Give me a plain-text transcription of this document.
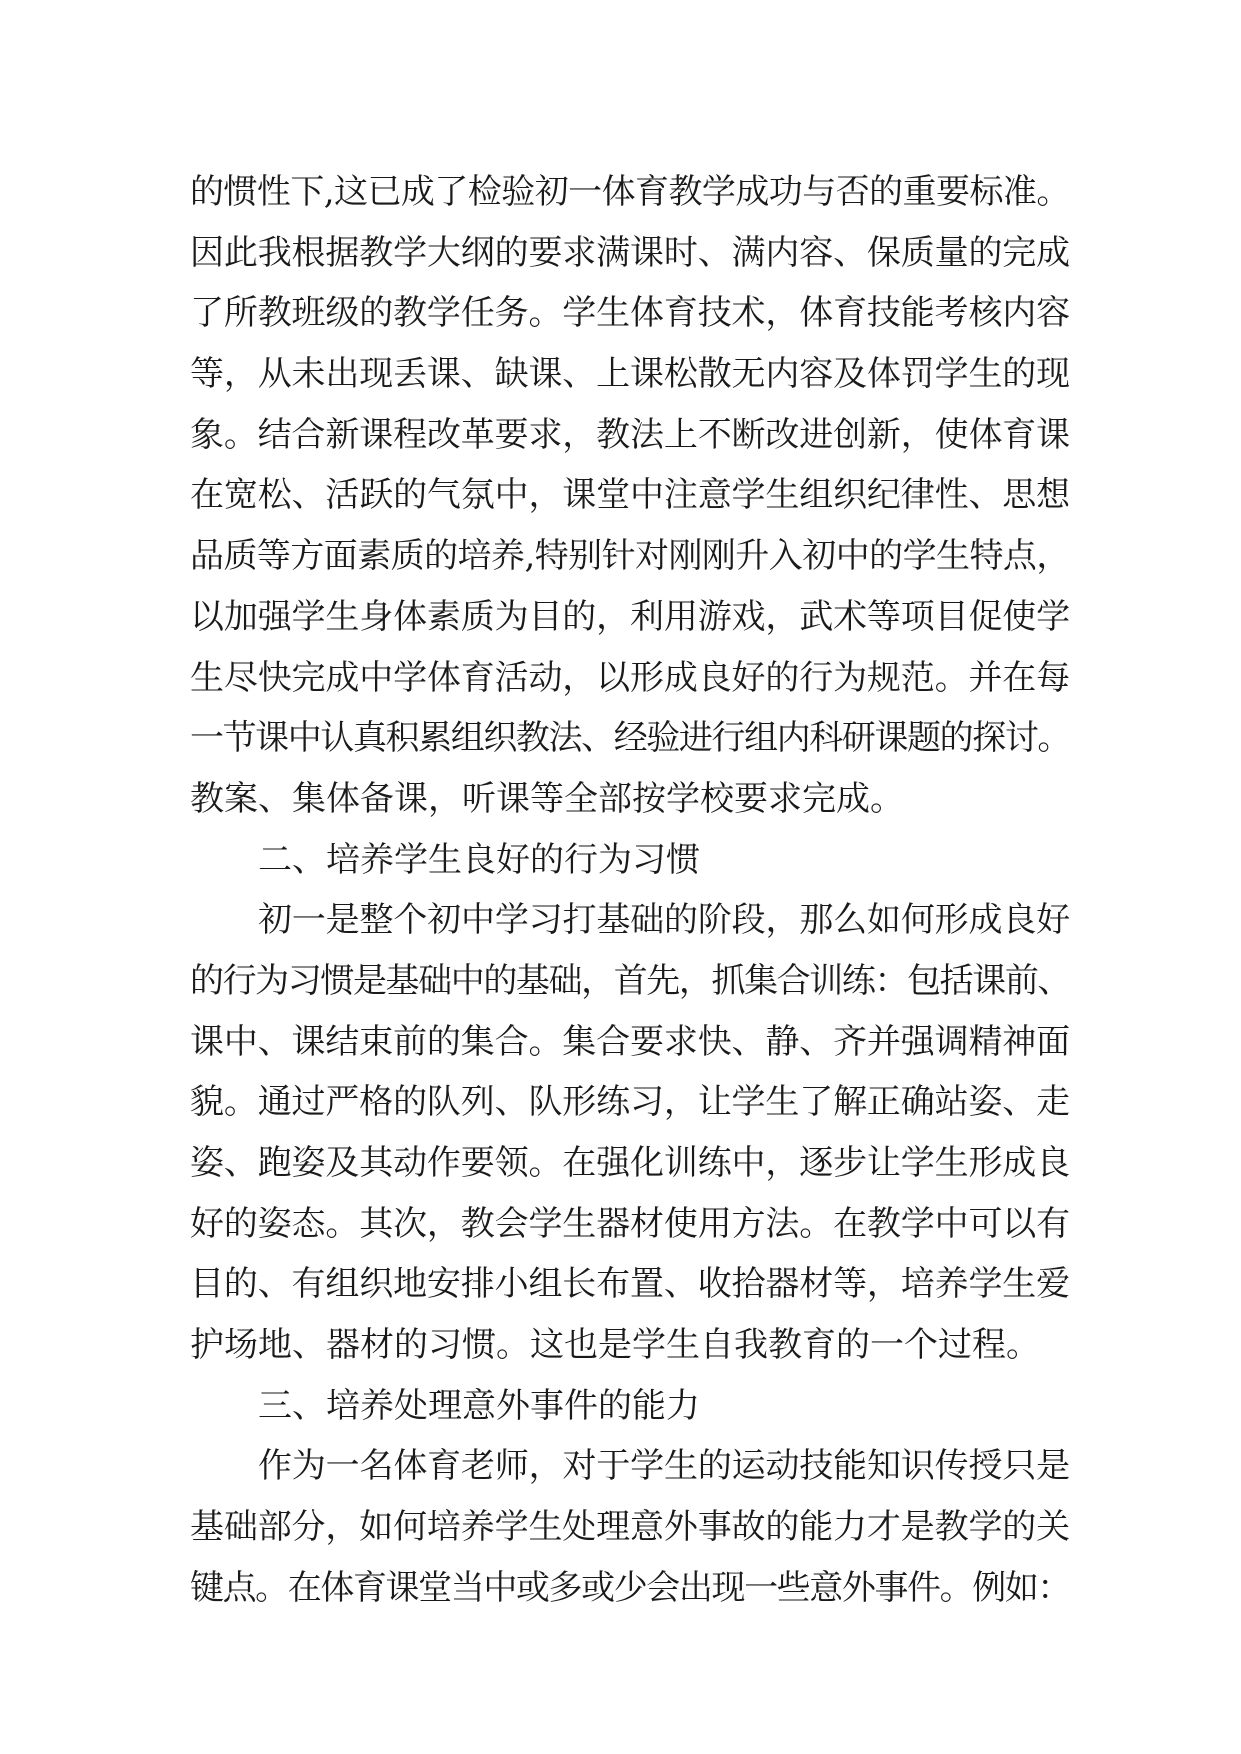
的惯性下,这已成了检验初一体育教学成功与否的重要标准。
因此我根据教学大纲的要求满课时、满内容、保质量的完成
了所教班级的教学任务。学生体育技术，体育技能考核内容
等，从未出现丢课、缺课、上课松散无内容及体罚学生的现
象。结合新课程改革要求，教法上不断改进创新，使体育课
在宽松、活跃的气氛中，课堂中注意学生组织纪律性、思想
品质等方面素质的培养,特别针对刚刚升入初中的学生特点，
以加强学生身体素质为目的，利用游戏，武术等项目促使学
生尽快完成中学体育活动，以形成良好的行为规范。并在每
一节课中认真积累组织教法、经验进行组内科研课题的探讨。
教案、集体备课，听课等全部按学校要求完成。
二、培养学生良好的行为习惯
初一是整个初中学习打基础的阶段，那么如何形成良好
的行为习惯是基础中的基础，首先，抓集合训练：包括课前、
课中、课结束前的集合。集合要求快、静、齐并强调精神面
貌。通过严格的队列、队形练习，让学生了解正确站姿、走
姿、跑姿及其动作要领。在强化训练中，逐步让学生形成良
好的姿态。其次，教会学生器材使用方法。在教学中可以有
目的、有组织地安排小组长布置、收拾器材等，培养学生爱
护场地、器材的习惯。这也是学生自我教育的一个过程。
三、培养处理意外事件的能力
作为一名体育老师，对于学生的运动技能知识传授只是
基础部分，如何培养学生处理意外事故的能力才是教学的关
键点。在体育课堂当中或多或少会出现一些意外事件。例如：
